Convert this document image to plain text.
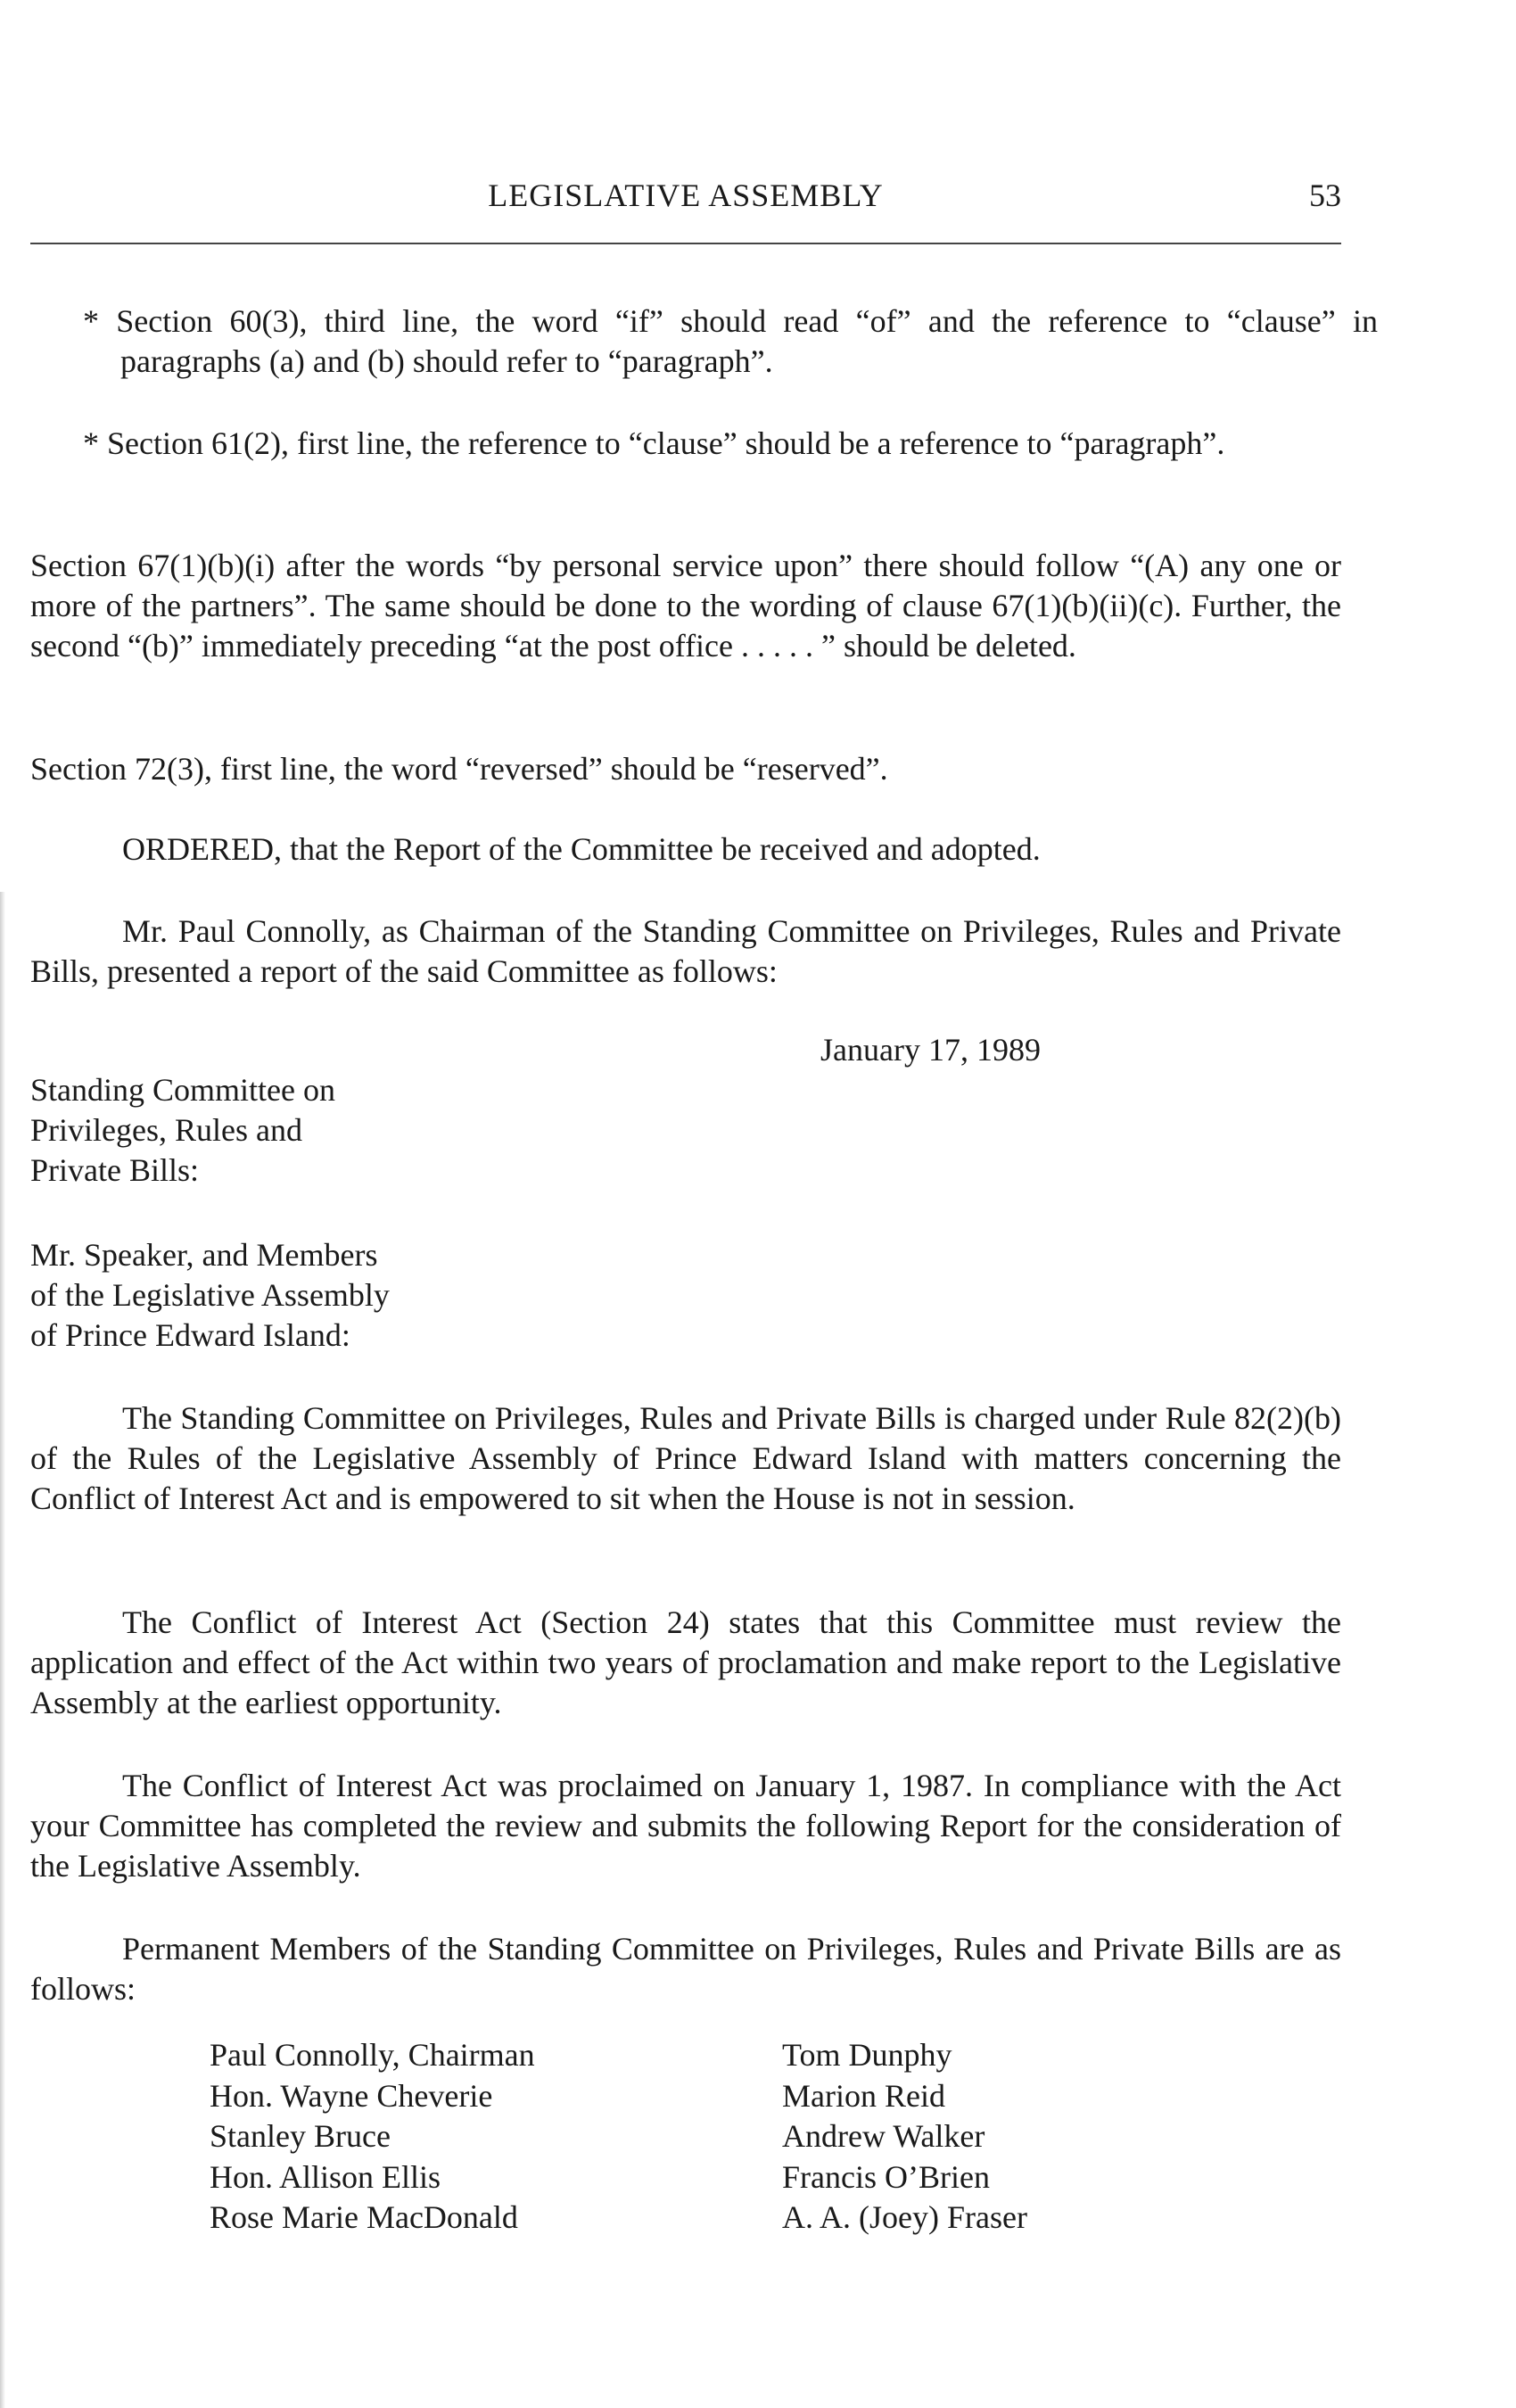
LEGISLATIVE ASSEMBLY	53

* Section 60(3), third line, the word “if” should read “of” and the reference to “clause” in paragraphs (a) and (b) should refer to “paragraph”.

* Section 61(2), first line, the reference to “clause” should be a reference to “paragraph”.

Section 67(1)(b)(i) after the words “by personal service upon” there should follow “(A) any one or more of the partners”. The same should be done to the wording of clause 67(1)(b)(ii)(c). Further, the second “(b)” immediately preceding “at the post office . . . . . ” should be deleted.

Section 72(3), first line, the word “reversed” should be “reserved”.

ORDERED, that the Report of the Committee be received and adopted.

Mr. Paul Connolly, as Chairman of the Standing Committee on Privileges, Rules and Private Bills, presented a report of the said Committee as follows:

January 17, 1989
Standing Committee on
Privileges, Rules and
Private Bills:
Mr. Speaker, and Members
of the Legislative Assembly
of Prince Edward Island:

The Standing Committee on Privileges, Rules and Private Bills is charged under Rule 82(2)(b) of the Rules of the Legislative Assembly of Prince Edward Island with matters concerning the Conflict of Interest Act and is empowered to sit when the House is not in session.

The Conflict of Interest Act (Section 24) states that this Committee must review the application and effect of the Act within two years of proclamation and make report to the Legislative Assembly at the earliest opportunity.

The Conflict of Interest Act was proclaimed on January 1, 1987. In compliance with the Act your Committee has completed the review and submits the following Report for the consideration of the Legislative Assembly.

Permanent Members of the Standing Committee on Privileges, Rules and Private Bills are as follows:

Paul Connolly, Chairman
Hon. Wayne Cheverie
Stanley Bruce
Hon. Allison Ellis
Rose Marie MacDonald
Tom Dunphy
Marion Reid
Andrew Walker
Francis O’Brien
A. A. (Joey) Fraser
